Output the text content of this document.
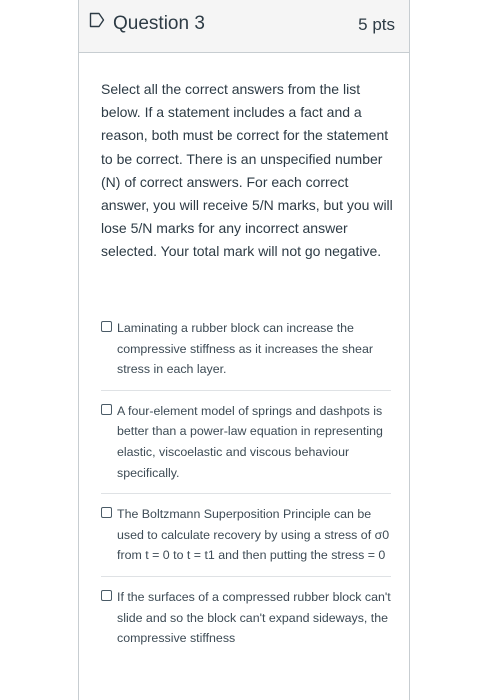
Question 3	5 pts
Select all the correct answers from the list below. If a statement includes a fact and a reason, both must be correct for the statement to be correct. There is an unspecified number (N) of correct answers. For each correct answer, you will receive 5/N marks, but you will lose 5/N marks for any incorrect answer selected. Your total mark will not go negative.
Laminating a rubber block can increase the compressive stiffness as it increases the shear stress in each layer.
A four-element model of springs and dashpots is better than a power-law equation in representing elastic, viscoelastic and viscous behaviour specifically.
The Boltzmann Superposition Principle can be used to calculate recovery by using a stress of σ0 from t = 0 to t = t1 and then putting the stress = 0
If the surfaces of a compressed rubber block can't slide and so the block can't expand sideways, the compressive stiffness
